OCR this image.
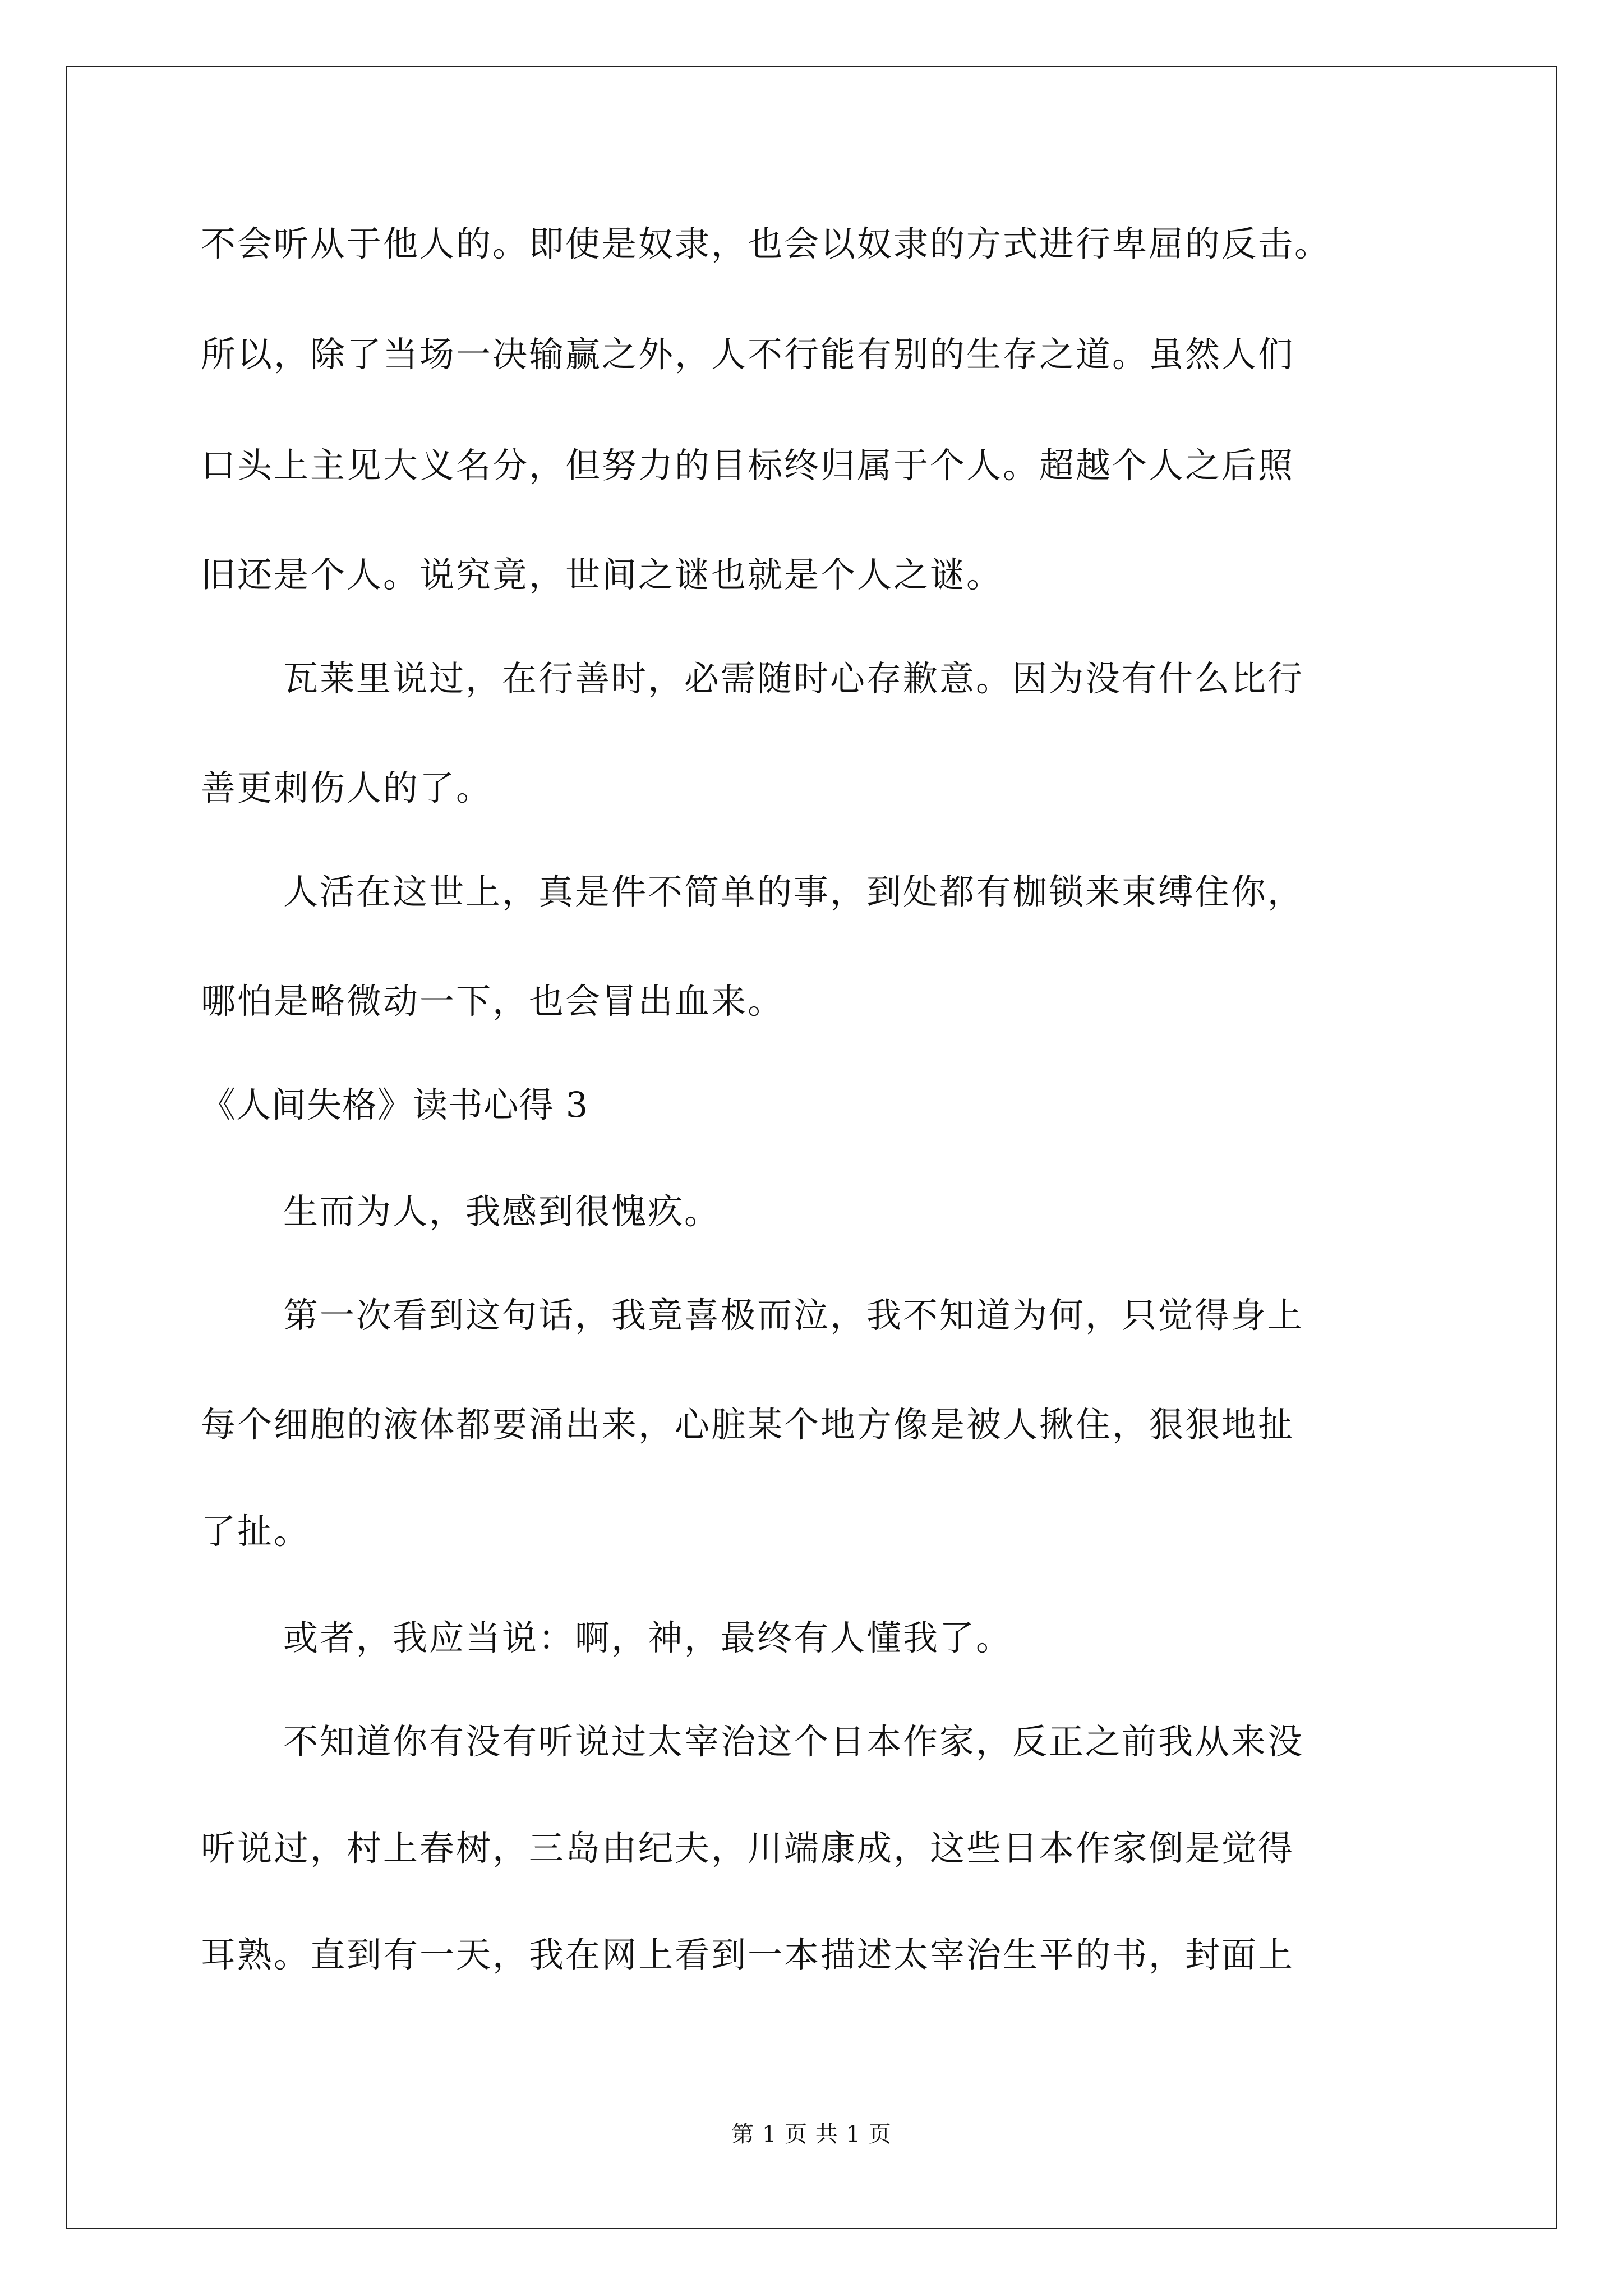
不会听从于他人的。即使是奴隶，也会以奴隶的方式进行卑屈的反击。
所以，除了当场一决输赢之外，人不行能有别的生存之道。虽然人们
口头上主见大义名分，但努力的目标终归属于个人。超越个人之后照
旧还是个人。说究竟，世间之谜也就是个人之谜。
瓦莱里说过，在行善时，必需随时心存歉意。因为没有什么比行
善更刺伤人的了。
人活在这世上，真是件不简单的事，到处都有枷锁来束缚住你，
哪怕是略微动一下，也会冒出血来。
《人间失格》读书心得 3
生而为人，我感到很愧疚。
第一次看到这句话，我竟喜极而泣，我不知道为何，只觉得身上
每个细胞的液体都要涌出来，心脏某个地方像是被人揪住，狠狠地扯
了扯。
或者，我应当说：啊，神，最终有人懂我了。
不知道你有没有听说过太宰治这个日本作家，反正之前我从来没
听说过，村上春树，三岛由纪夫，川端康成，这些日本作家倒是觉得
耳熟。直到有一天，我在网上看到一本描述太宰治生平的书，封面上
第 1 页 共 1 页
